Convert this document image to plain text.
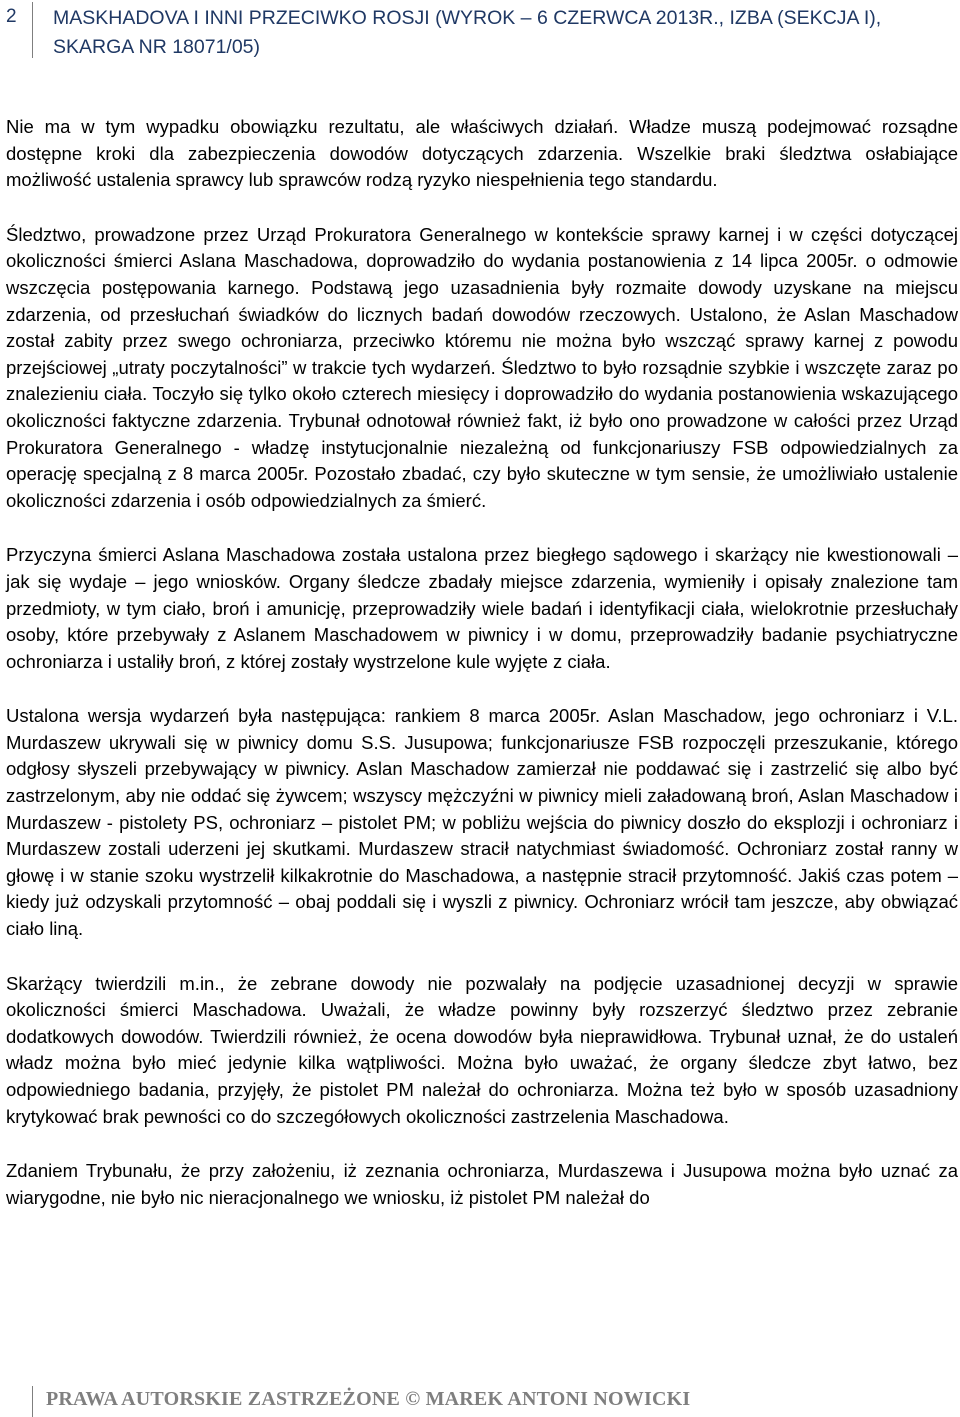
2 MASKHADOVA I INNI PRZECIWKO ROSJI (WYROK – 6 CZERWCA 2013R., IZBA (SEKCJA I), SKARGA NR 18071/05)

Nie ma w tym wypadku obowiązku rezultatu, ale właściwych działań. Władze muszą podejmować rozsądne dostępne kroki dla zabezpieczenia dowodów dotyczących zdarzenia. Wszelkie braki śledztwa osłabiające możliwość ustalenia sprawcy lub sprawców rodzą ryzyko niespełnienia tego standardu.

Śledztwo, prowadzone przez Urząd Prokuratora Generalnego w kontekście sprawy karnej i w części dotyczącej okoliczności śmierci Aslana Maschadowa, doprowadziło do wydania postanowienia z 14 lipca 2005r. o odmowie wszczęcia postępowania karnego. Podstawą jego uzasadnienia były rozmaite dowody uzyskane na miejscu zdarzenia, od przesłuchań świadków do licznych badań dowodów rzeczowych. Ustalono, że Aslan Maschadow został zabity przez swego ochroniarza, przeciwko któremu nie można było wszcząć sprawy karnej z powodu przejściowej „utraty poczytalności” w trakcie tych wydarzeń. Śledztwo to było rozsądnie szybkie i wszczęte zaraz po znalezieniu ciała. Toczyło się tylko około czterech miesięcy i doprowadziło do wydania postanowienia wskazującego okoliczności faktyczne zdarzenia. Trybunał odnotował również fakt, iż było ono prowadzone w całości przez Urząd Prokuratora Generalnego - władzę instytucjonalnie niezależną od funkcjonariuszy FSB odpowiedzialnych za operację specjalną z 8 marca 2005r. Pozostało zbadać, czy było skuteczne w tym sensie, że umożliwiało ustalenie okoliczności zdarzenia i osób odpowiedzialnych za śmierć.

Przyczyna śmierci Aslana Maschadowa została ustalona przez biegłego sądowego i skarżący nie kwestionowali – jak się wydaje – jego wniosków. Organy śledcze zbadały miejsce zdarzenia, wymieniły i opisały znalezione tam przedmioty, w tym ciało, broń i amunicję, przeprowadziły wiele badań i identyfikacji ciała, wielokrotnie przesłuchały osoby, które przebywały z Aslanem Maschadowem w piwnicy i w domu, przeprowadziły badanie psychiatryczne ochroniarza i ustaliły broń, z której zostały wystrzelone kule wyjęte z ciała.

Ustalona wersja wydarzeń była następująca: rankiem 8 marca 2005r. Aslan Maschadow, jego ochroniarz i V.L. Murdaszew ukrywali się w piwnicy domu S.S. Jusupowa; funkcjonariusze FSB rozpoczęli przeszukanie, którego odgłosy słyszeli przebywający w piwnicy. Aslan Maschadow zamierzał nie poddawać się i zastrzelić się albo być zastrzelonym, aby nie oddać się żywcem; wszyscy mężczyźni w piwnicy mieli załadowaną broń, Aslan Maschadow i Murdaszew - pistolety PS, ochroniarz – pistolet PM; w pobliżu wejścia do piwnicy doszło do eksplozji i ochroniarz i Murdaszew zostali uderzeni jej skutkami. Murdaszew stracił natychmiast świadomość. Ochroniarz został ranny w głowę i w stanie szoku wystrzelił kilkakrotnie do Maschadowa, a następnie stracił przytomność. Jakiś czas potem – kiedy już odzyskali przytomność – obaj poddali się i wyszli z piwnicy. Ochroniarz wrócił tam jeszcze, aby obwiązać ciało liną.

Skarżący twierdzili m.in., że zebrane dowody nie pozwalały na podjęcie uzasadnionej decyzji w sprawie okoliczności śmierci Maschadowa. Uważali, że władze powinny były rozszerzyć śledztwo przez zebranie dodatkowych dowodów. Twierdzili również, że ocena dowodów była nieprawidłowa. Trybunał uznał, że do ustaleń władz można było mieć jedynie kilka wątpliwości. Można było uważać, że organy śledcze zbyt łatwo, bez odpowiedniego badania, przyjęły, że pistolet PM należał do ochroniarza. Można też było w sposób uzasadniony krytykować brak pewności co do szczegółowych okoliczności zastrzelenia Maschadowa.

Zdaniem Trybunału, że przy założeniu, iż zeznania ochroniarza, Murdaszewa i Jusupowa można było uznać za wiarygodne, nie było nic nieracjonalnego we wniosku, iż pistolet PM należał do

PRAWA AUTORSKIE ZASTRZEŻONE © MAREK ANTONI NOWICKI
